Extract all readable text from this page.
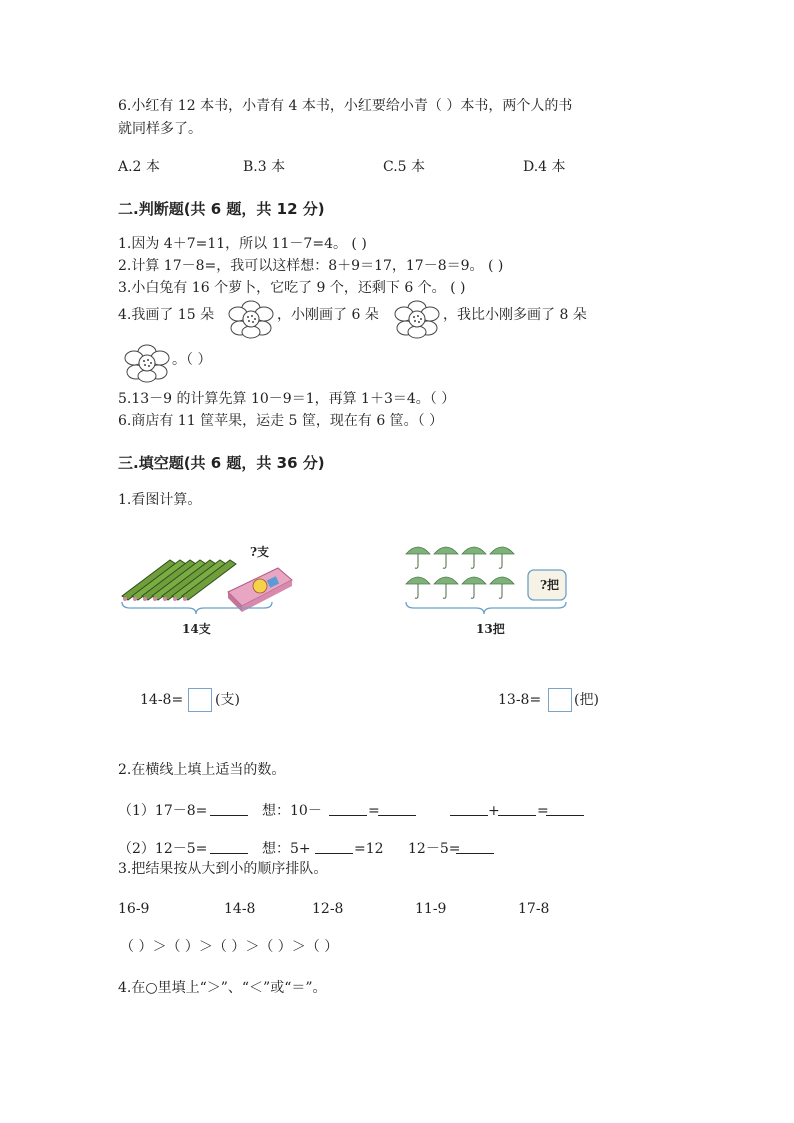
6.小红有 12 本书，小青有 4 本书，小红要给小青（ ）本书，两个人的书
就同样多了。
A.2 本	B.3 本	C.5 本	D.4 本
二.判断题(共 6 题，共 12 分)
1.因为 4＋7=11，所以 11－7=4。 ( )
2.计算 17－8=，我可以这样想：8＋9＝17，17－8＝9。 ( )
3.小白兔有 16 个萝卜，它吃了 9 个，还剩下 6 个。 ( )
4.我画了 15 朵	，小刚画了 6 朵	，我比小刚多画了 8 朵
。（ ）
5.13－9 的计算先算 10－9＝1，再算 1＋3＝4。（ ）
6.商店有 11 筐苹果，运走 5 筐，现在有 6 筐。（ ）
三.填空题(共 6 题，共 36 分)
1.看图计算。
?支
14支
?把
13把
14-8= (支)	13-8= (把)
2.在横线上填上适当的数。
（1）17－8=	想：10－	=	+	=
（2）12－5=	想：5+	=12 12－5=
3.把结果按从大到小的顺序排队。
16-9	14-8	12-8	11-9	17-8
（ ）＞（ ）＞（ ）＞（ ）＞（ ）
4.在○里填上“＞”、“＜”或“＝”。
